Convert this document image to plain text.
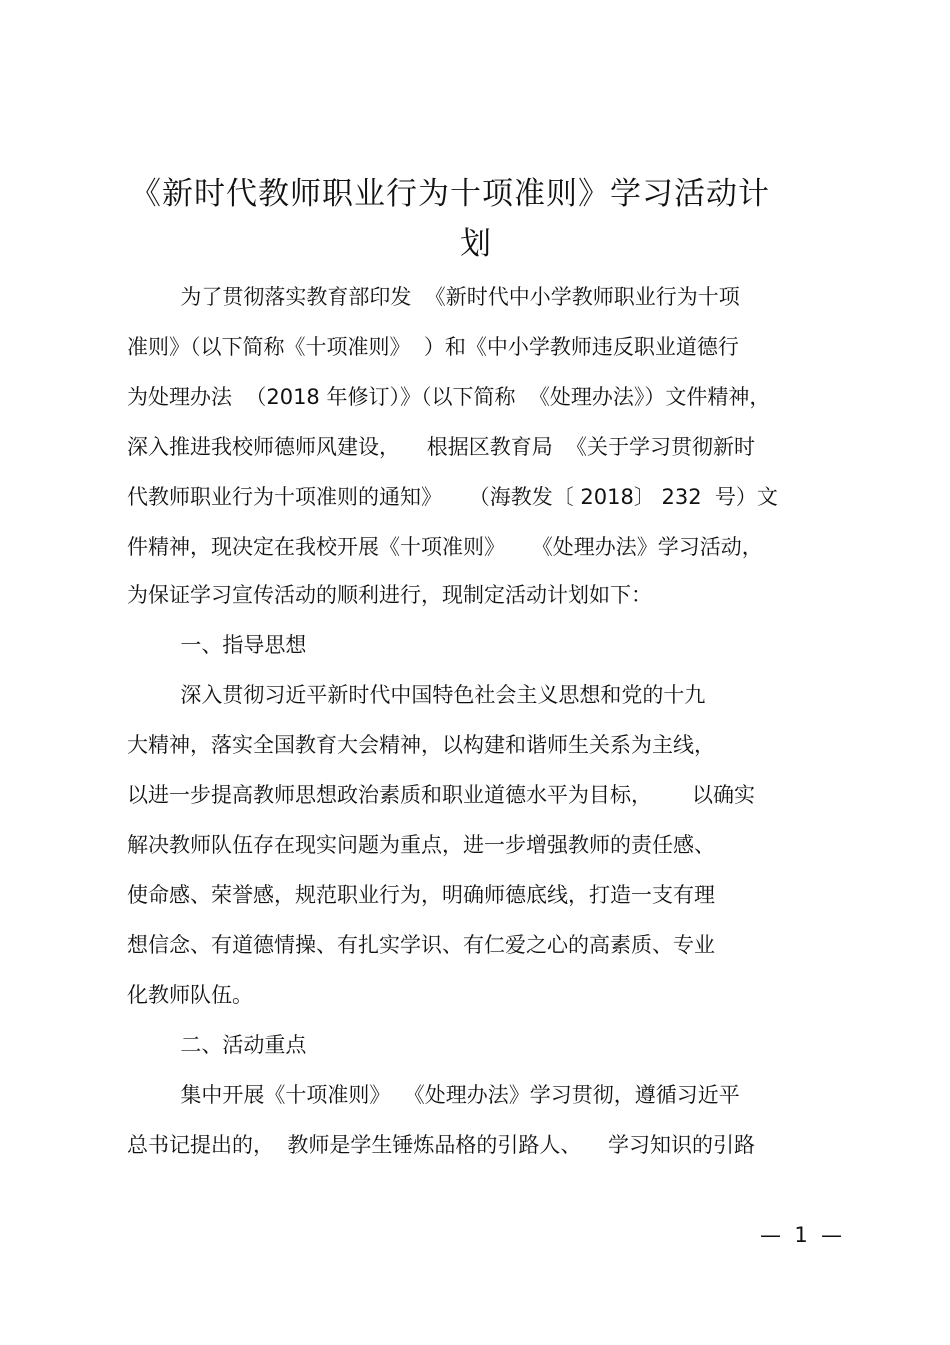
《新时代教师职业行为十项准则》学习活动计
划
为了贯彻落实教育部印发  《新时代中小学教师职业行为十项
准则》（以下简称《十项准则》  ）和《中小学教师违反职业道德行
为处理办法  （2018 年修订）》（以下简称  《处理办法》）文件精神，
深入推进我校师德师风建设，    根据区教育局  《关于学习贯彻新时
代教师职业行为十项准则的通知》    （海教发〔 2018〕 232  号）文
件精神，现决定在我校开展《十项准则》    《处理办法》学习活动，
为保证学习宣传活动的顺利进行，现制定活动计划如下：
一、指导思想
深入贯彻习近平新时代中国特色社会主义思想和党的十九
大精神，落实全国教育大会精神，以构建和谐师生关系为主线，
以进一步提高教师思想政治素质和职业道德水平为目标，      以确实
解决教师队伍存在现实问题为重点，进一步增强教师的责任感、
使命感、荣誉感，规范职业行为，明确师德底线，打造一支有理
想信念、有道德情操、有扎实学识、有仁爱之心的高素质、专业
化教师队伍。
二、活动重点
集中开展《十项准则》  《处理办法》学习贯彻，遵循习近平
总书记提出的，  教师是学生锤炼品格的引路人、    学习知识的引路
—  1  —
